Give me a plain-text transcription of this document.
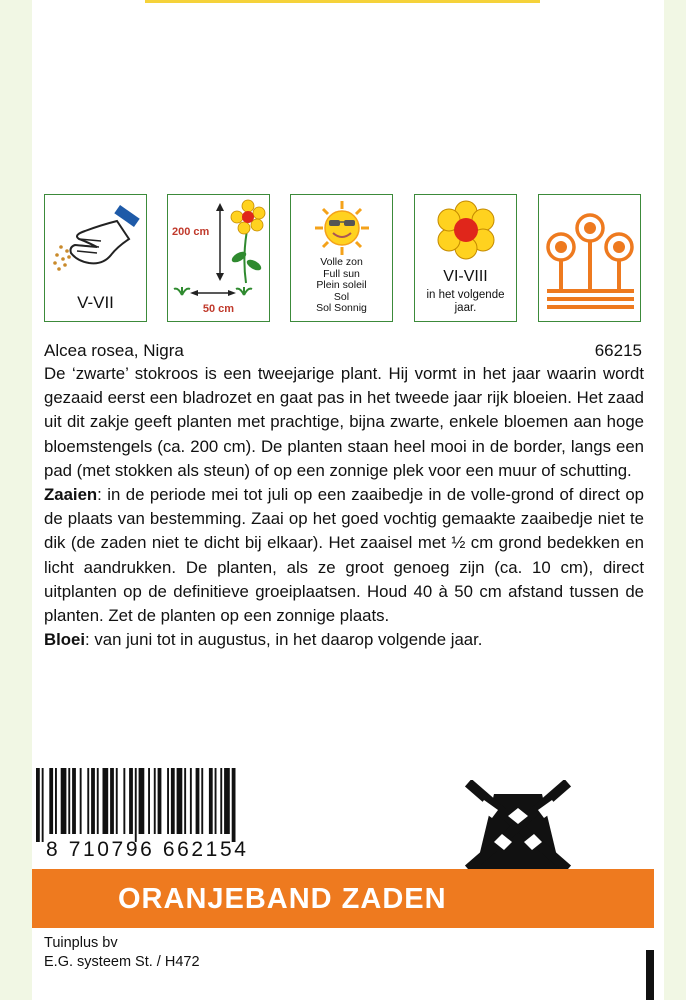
V-VII
200 cm
50 cm
Volle zon
Full sun
Plein soleil
Sol
Sol Sonnig
VI-VIII
in het volgende
jaar.
Alcea rosea, Nigra	66215

De ‘zwarte’ stokroos is een tweejarige plant. Hij vormt in het jaar waarin wordt gezaaid eerst een bladrozet en gaat pas in het tweede jaar rijk bloeien. Het zaad uit dit zakje geeft planten met prachtige, bijna zwarte, enkele bloemen aan hoge bloemstengels (ca. 200 cm). De planten staan heel mooi in de border, langs een pad (met stokken als steun) of op een zonnige plek voor een muur of schutting.

Zaaien: in de periode mei tot juli op een zaaibedje in de volle-grond of direct op de plaats van bestemming. Zaai op het goed vochtig gemaakte zaaibedje niet te dik (de zaden niet te dicht bij elkaar). Het zaaisel met ½ cm grond bedekken en licht aandrukken. De planten, als ze groot genoeg zijn (ca. 10 cm), direct uitplanten op de definitieve groeiplaatsen. Houd 40 à 50 cm afstand tussen de planten. Zet de planten op een zonnige plaats.

Bloei: van juni tot in augustus, in het daarop volgende jaar.

8 710796 662154
ORANJEBAND ZADEN
Tuinplus bv
E.G. systeem St. / H472
